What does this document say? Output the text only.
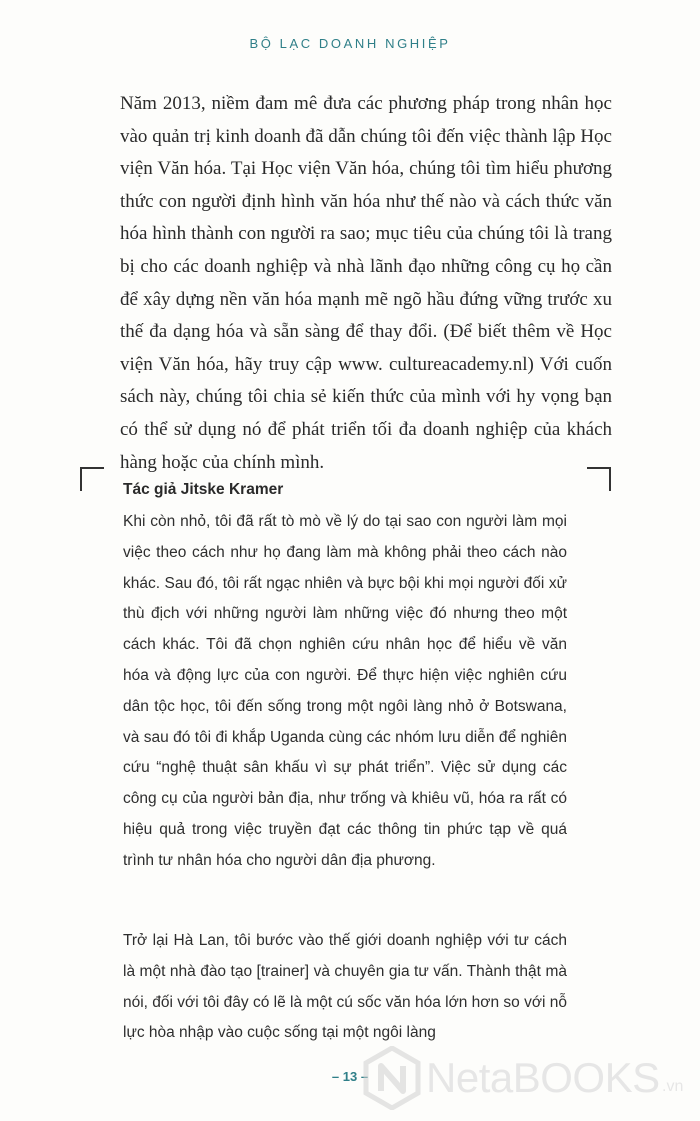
BỘ LẠC DOANH NGHIỆP

Năm 2013, niềm đam mê đưa các phương pháp trong nhân học vào quản trị kinh doanh đã dẫn chúng tôi đến việc thành lập Học viện Văn hóa. Tại Học viện Văn hóa, chúng tôi tìm hiểu phương thức con người định hình văn hóa như thế nào và cách thức văn hóa hình thành con người ra sao; mục tiêu của chúng tôi là trang bị cho các doanh nghiệp và nhà lãnh đạo những công cụ họ cần để xây dựng nền văn hóa mạnh mẽ ngõ hầu đứng vững trước xu thế đa dạng hóa và sẵn sàng để thay đổi. (Để biết thêm về Học viện Văn hóa, hãy truy cập www. cultureacademy.nl) Với cuốn sách này, chúng tôi chia sẻ kiến thức của mình với hy vọng bạn có thể sử dụng nó để phát triển tối đa doanh nghiệp của khách hàng hoặc của chính mình.

Tác giả Jitske Kramer

Khi còn nhỏ, tôi đã rất tò mò về lý do tại sao con người làm mọi việc theo cách như họ đang làm mà không phải theo cách nào khác. Sau đó, tôi rất ngạc nhiên và bực bội khi mọi người đối xử thù địch với những người làm những việc đó nhưng theo một cách khác. Tôi đã chọn nghiên cứu nhân học để hiểu về văn hóa và động lực của con người. Để thực hiện việc nghiên cứu dân tộc học, tôi đến sống trong một ngôi làng nhỏ ở Botswana, và sau đó tôi đi khắp Uganda cùng các nhóm lưu diễn để nghiên cứu “nghệ thuật sân khấu vì sự phát triển”. Việc sử dụng các công cụ của người bản địa, như trống và khiêu vũ, hóa ra rất có hiệu quả trong việc truyền đạt các thông tin phức tạp về quá trình tư nhân hóa cho người dân địa phương.

Trở lại Hà Lan, tôi bước vào thế giới doanh nghiệp với tư cách là một nhà đào tạo [trainer] và chuyên gia tư vấn. Thành thật mà nói, đối với tôi đây có lẽ là một cú sốc văn hóa lớn hơn so với nỗ lực hòa nhập vào cuộc sống tại một ngôi làng

– 13 –	NetaBOOKS .vn
